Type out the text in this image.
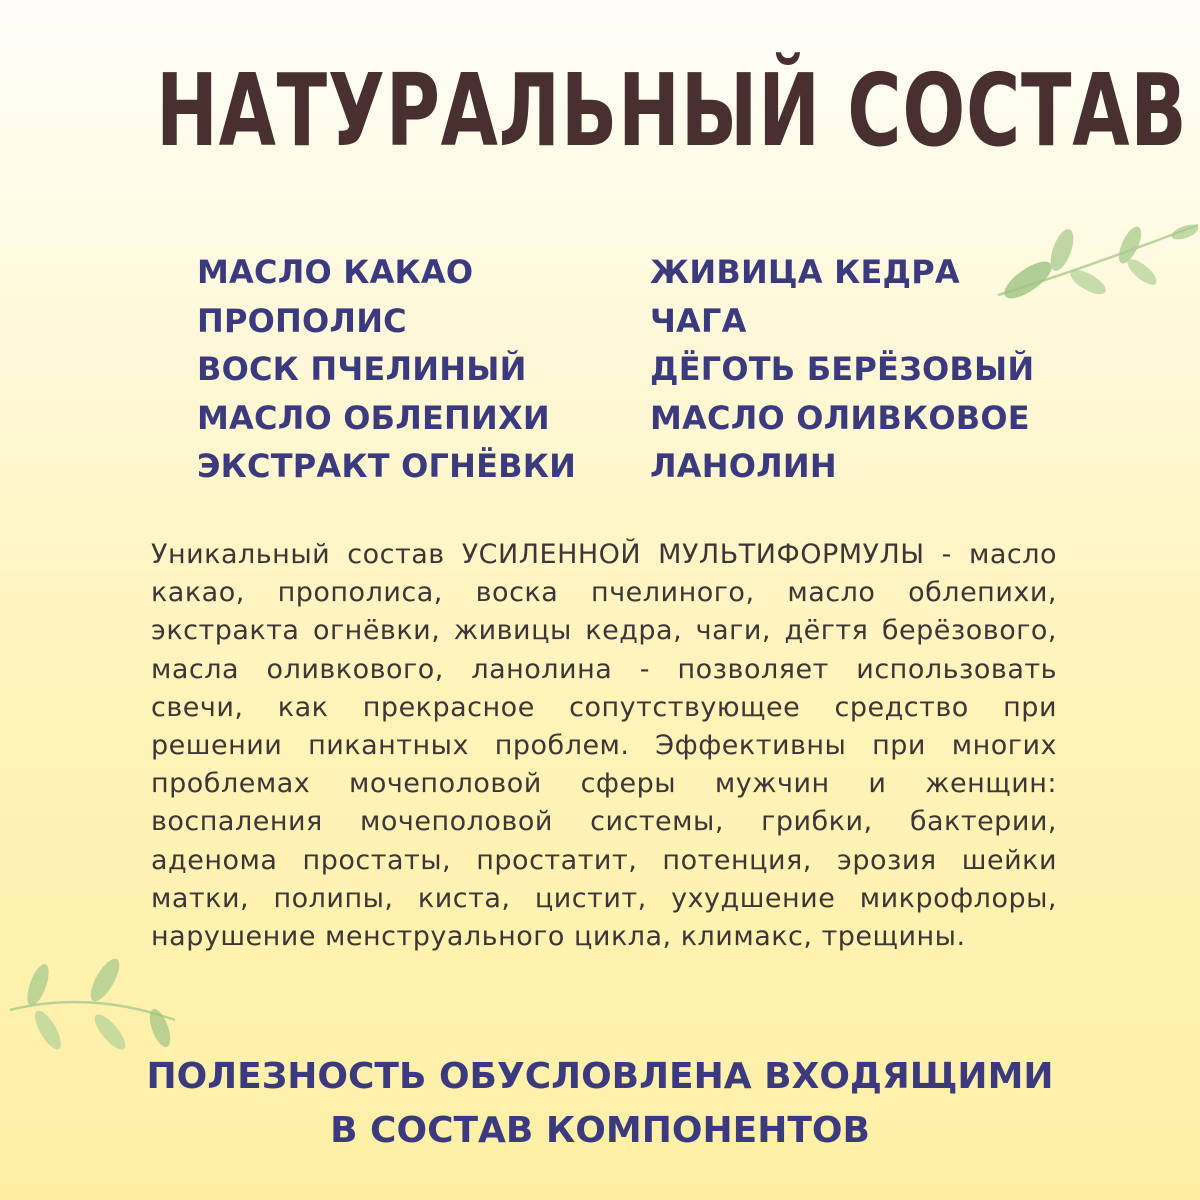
НАТУРАЛЬНЫЙ СОСТАВ
МАСЛО КАКАО
ПРОПОЛИС
ВОСК ПЧЕЛИНЫЙ
МАСЛО ОБЛЕПИХИ
ЭКСТРАКТ ОГНЁВКИ
ЖИВИЦА КЕДРА
ЧАГА
ДЁГОТЬ БЕРЁЗОВЫЙ
МАСЛО ОЛИВКОВОЕ
ЛАНОЛИН

Уникальный состав УСИЛЕННОЙ МУЛЬТИФОРМУЛЫ - масло какао, прополиса, воска пчелиного, масло облепихи, экстракта огнёвки, живицы кедра, чаги, дёгтя берёзового, масла оливкового, ланолина - позволяет использовать свечи, как прекрасное сопутствующее средство при решении пикантных проблем. Эффективны при многих проблемах мочеполовой сферы мужчин и женщин: воспаления мочеполовой системы, грибки, бактерии, аденома простаты, простатит, потенция, эрозия шейки матки, полипы, киста, цистит, ухудшение микрофлоры, нарушение менструального цикла, климакс, трещины.

ПОЛЕЗНОСТЬ ОБУСЛОВЛЕНА ВХОДЯЩИМИ
В СОСТАВ КОМПОНЕНТОВ
